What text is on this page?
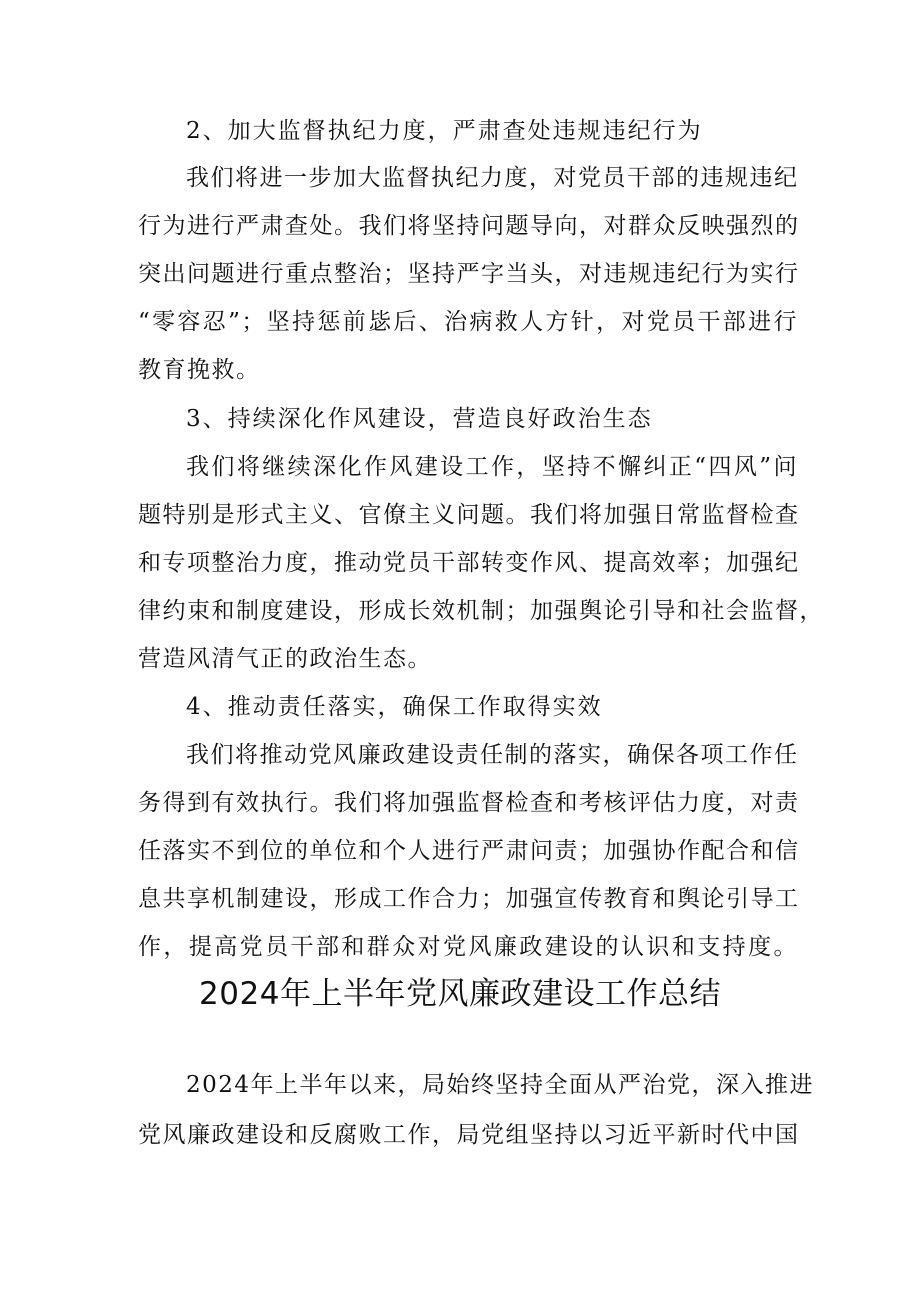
2、加大监督执纪力度，严肃查处违规违纪行为
我们将进一步加大监督执纪力度，对党员干部的违规违纪
行为进行严肃查处。我们将坚持问题导向，对群众反映强烈的
突出问题进行重点整治；坚持严字当头，对违规违纪行为实行
“零容忍”；坚持惩前毖后、治病救人方针，对党员干部进行
教育挽救。
3、持续深化作风建设，营造良好政治生态
我们将继续深化作风建设工作，坚持不懈纠正“四风”问
题特别是形式主义、官僚主义问题。我们将加强日常监督检查
和专项整治力度，推动党员干部转变作风、提高效率；加强纪
律约束和制度建设，形成长效机制；加强舆论引导和社会监督，
营造风清气正的政治生态。
4、推动责任落实，确保工作取得实效
我们将推动党风廉政建设责任制的落实，确保各项工作任
务得到有效执行。我们将加强监督检查和考核评估力度，对责
任落实不到位的单位和个人进行严肃问责；加强协作配合和信
息共享机制建设，形成工作合力；加强宣传教育和舆论引导工
作，提高党员干部和群众对党风廉政建设的认识和支持度。
2024年上半年党风廉政建设工作总结
2024年上半年以来，局始终坚持全面从严治党，深入推进
党风廉政建设和反腐败工作，局党组坚持以习近平新时代中国
